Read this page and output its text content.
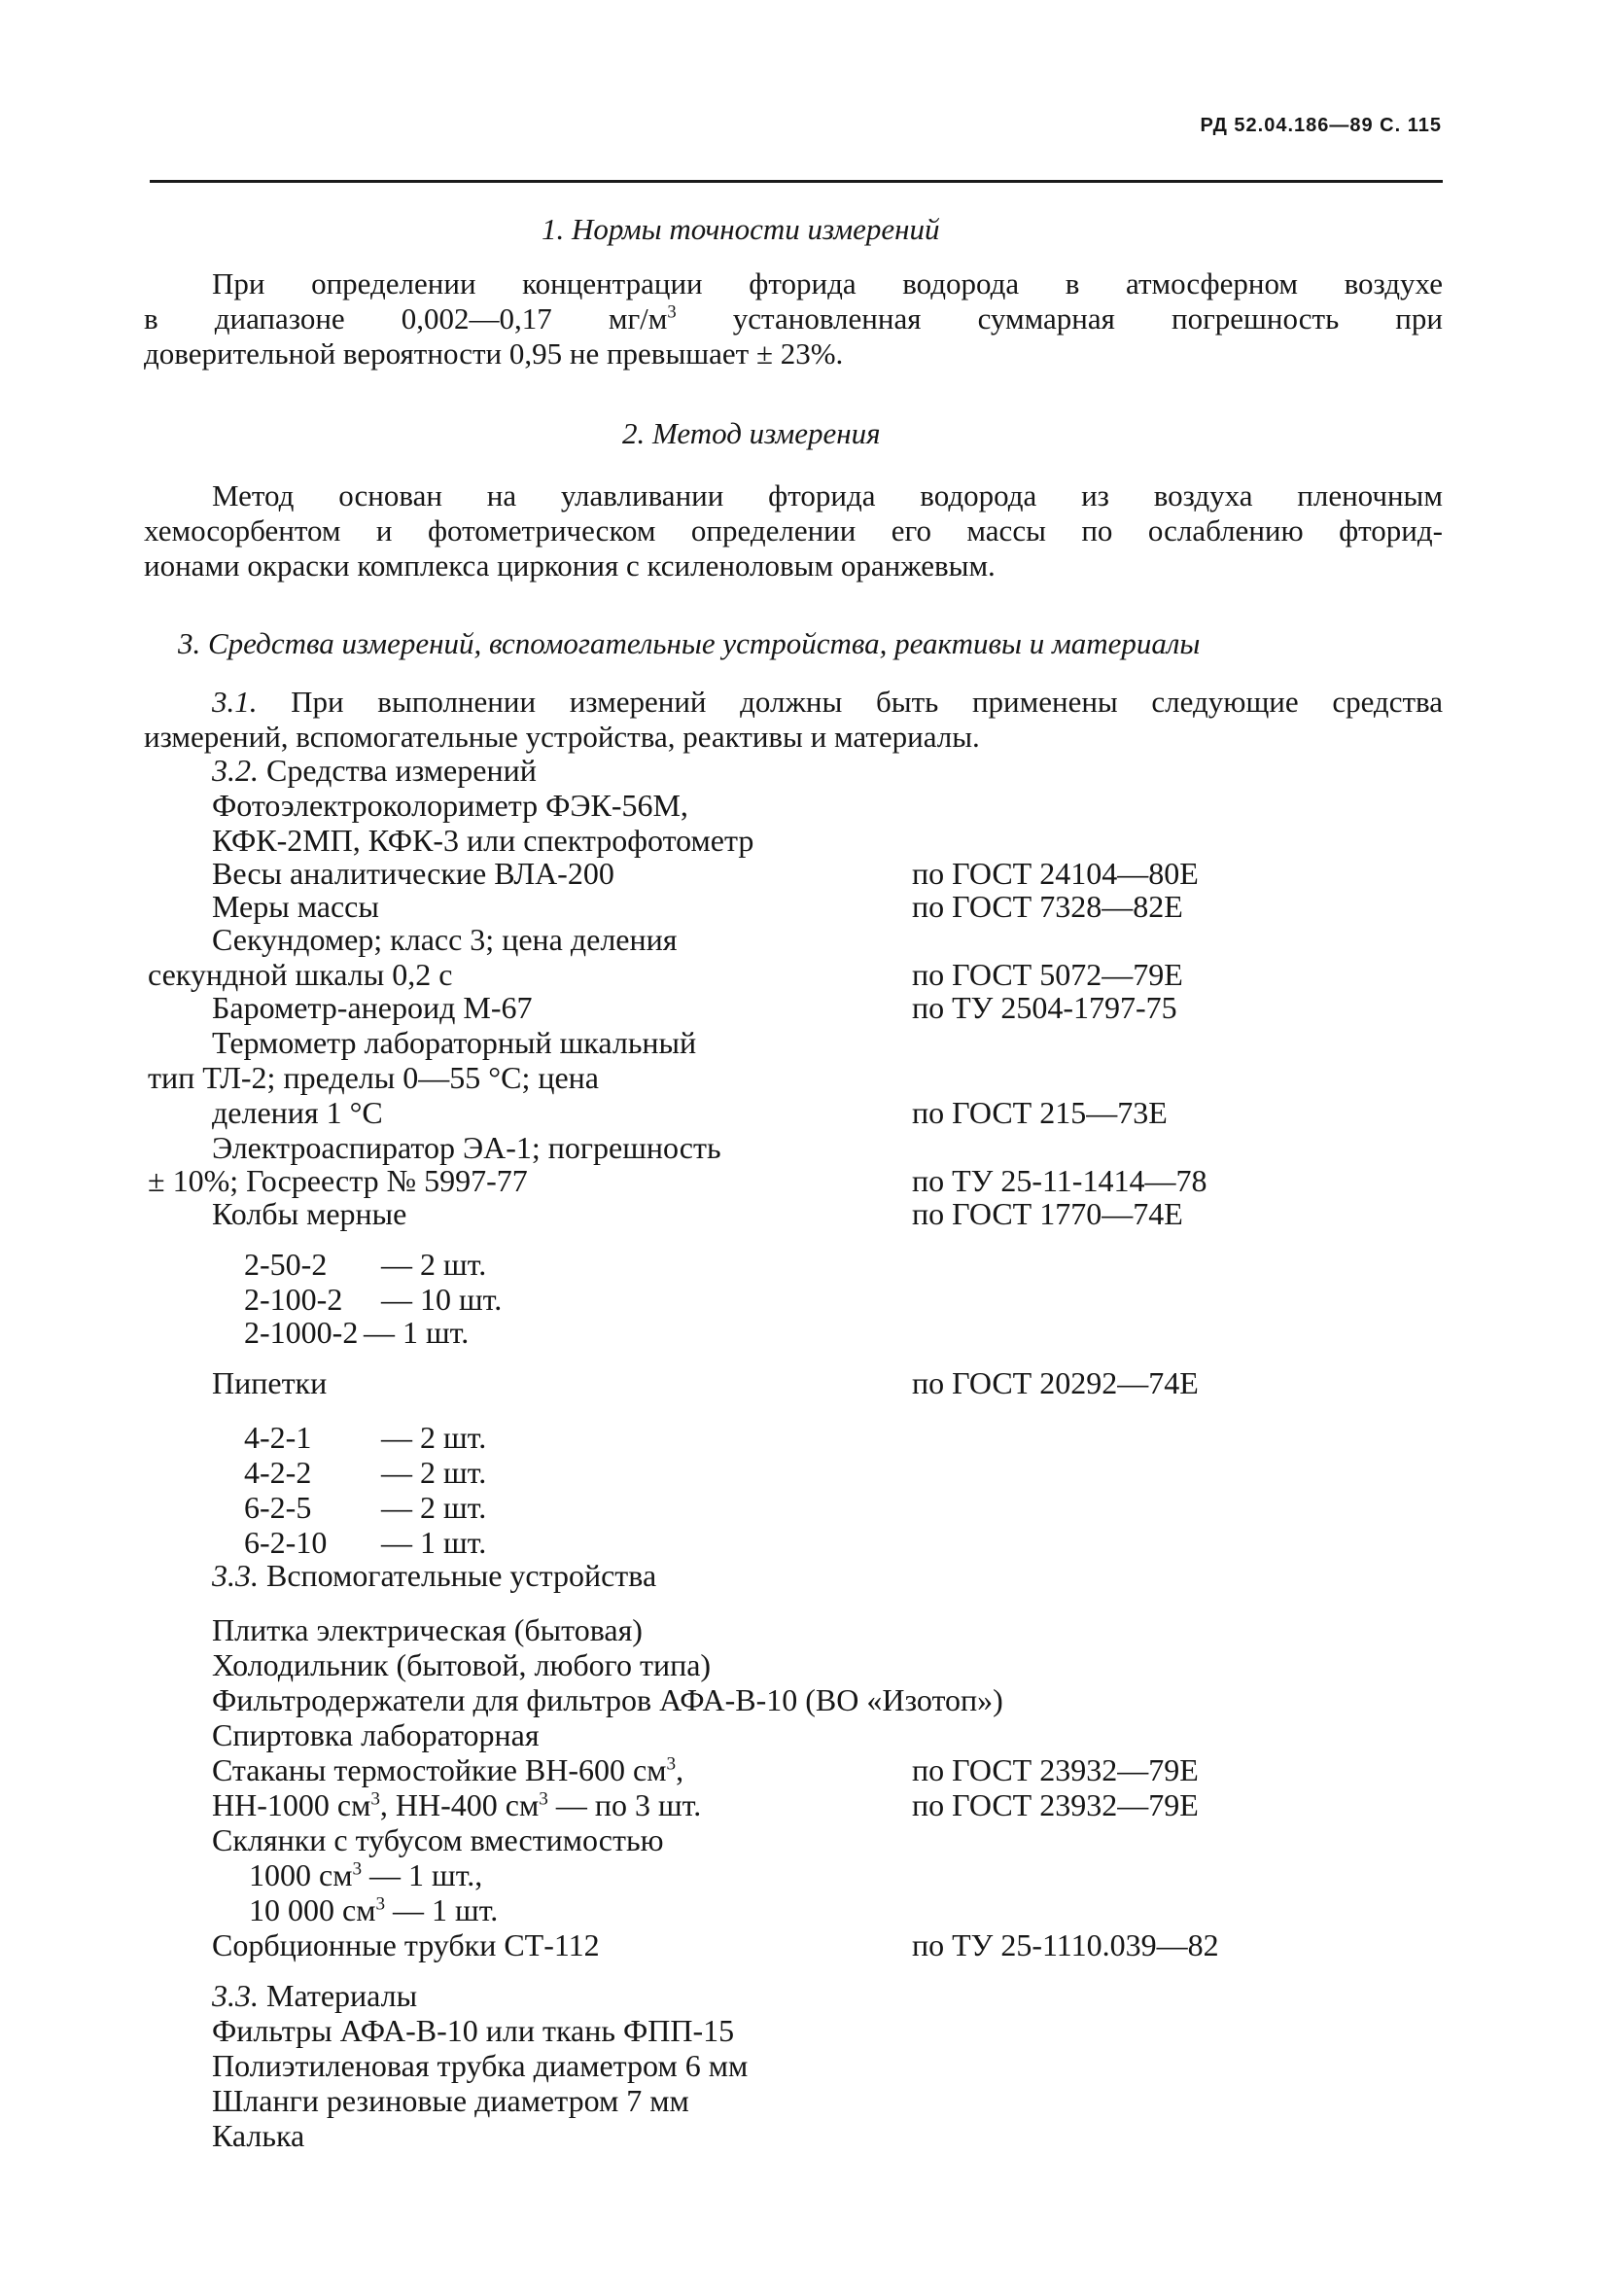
РД 52.04.186—89 С. 115
1. Нормы точности измерений
При определении концентрации фторида водорода в атмосферном воздухе
в диапазоне 0,002—0,17 $мг/м^3$ установленная суммарная погрешность при
доверительной вероятности 0,95 не превышает ± 23%.
2. Метод измерения
Метод основан на улавливании фторида водорода из воздуха пленочным
хемосорбентом и фотометрическом определении его массы по ослаблению фторид-
ионами окраски комплекса циркония с ксиленоловым оранжевым.
3. Средства измерений, вспомогательные устройства, реактивы и материалы
3.1. При выполнении измерений должны быть применены следующие средства
измерений, вспомогательные устройства, реактивы и материалы.
3.2. Средства измерений
Фотоэлектроколориметр ФЭК-56М,
КФК-2МП, КФК-3 или спектрофотометр
Весы аналитические ВЛА-200	по ГОСТ 24104—80Е
Меры массы	по ГОСТ 7328—82Е
Секундомер; класс 3; цена деления
секундной шкалы 0,2 с	по ГОСТ 5072—79Е
Барометр-анероид М-67	по ТУ 2504-1797-75
Термометр лабораторный шкальный
тип ТЛ-2; пределы 0—55 °С; цена
деления 1 °С	по ГОСТ 215—73Е
Электроаспиратор ЭА-1; погрешность
± 10%; Госреестр № 5997-77	по ТУ 25-11-1414—78
Колбы мерные	по ГОСТ 1770—74Е
2-50-2 — 2 шт.
2-100-2 — 10 шт.
2-1000-2 — 1 шт.
Пипетки	по ГОСТ 20292—74Е
4-2-1 — 2 шт.
4-2-2 — 2 шт.
6-2-5 — 2 шт.
6-2-10 — 1 шт.
3.3. Вспомогательные устройства
Плитка электрическая (бытовая)
Холодильник (бытовой, любого типа)
Фильтродержатели для фильтров АФА-В-10 (ВО «Изотоп»)
Спиртовка лабораторная
Стаканы термостойкие ВН-600 $см^3$,	по ГОСТ 23932—79Е
НН-1000 $см^3$, НН-400 $см^3$ — по 3 шт.	по ГОСТ 23932—79Е
Склянки с тубусом вместимостью
1000 $см^3$ — 1 шт.,
10 000 $см^3$ — 1 шт.
Сорбционные трубки СТ-112	по ТУ 25-1110.039—82
3.3. Материалы
Фильтры АФА-В-10 или ткань ФПП-15
Полиэтиленовая трубка диаметром 6 мм
Шланги резиновые диаметром 7 мм
Калька
